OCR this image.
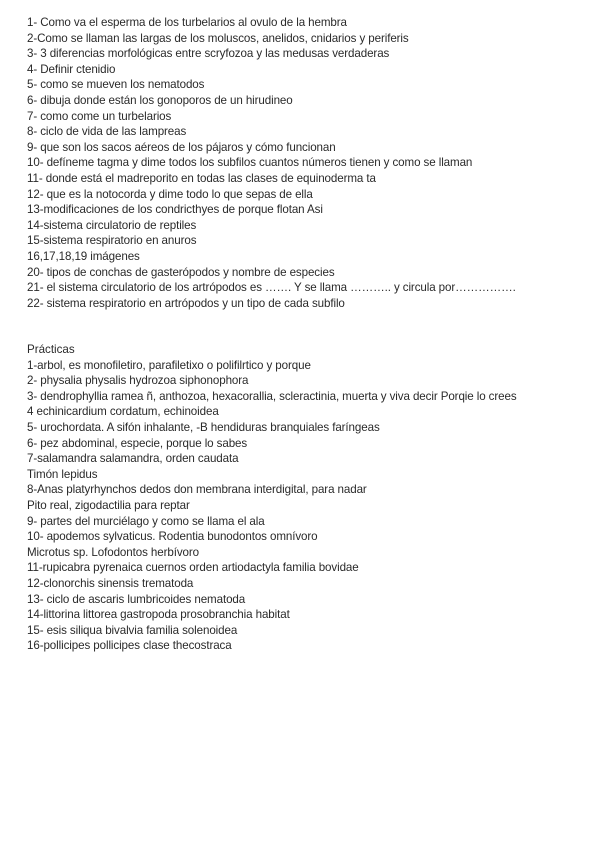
1- Como va el esperma de los turbelarios al ovulo de la hembra
2-Como se llaman las largas de los moluscos, anelidos, cnidarios y periferis
3- 3 diferencias morfológicas entre scryfozoa y las medusas verdaderas
4- Definir ctenidio
5- como se mueven los nematodos
6- dibuja donde están los gonoporos de un hirudineo
7- como come un turbelarios
8- ciclo de vida de las lampreas
9- que son los sacos aéreos de los pájaros y cómo funcionan
10- defíneme tagma y dime todos los subfilos cuantos números tienen y como se llaman
11- donde está el madreporito en todas las clases de equinoderma ta
12- que es la notocorda y dime todo lo que sepas de ella
13-modificaciones de los condricthyes de porque flotan Asi
14-sistema circulatorio de reptiles
15-sistema respiratorio en anuros
16,17,18,19 imágenes
20- tipos de conchas de gasterópodos y nombre de especies
21- el sistema circulatorio de los artrópodos es ……. Y se llama ……….. y circula por…………….
22- sistema respiratorio en artrópodos y un tipo de cada subfilo
Prácticas
1-arbol, es monofiletiro, parafiletixo o polifilrtico y porque
2- physalia physalis hydrozoa siphonophora
3- dendrophyllia ramea ñ, anthozoa, hexacorallia, scleractinia, muerta y viva decir Porqie lo crees
4 echinicardium cordatum, echinoidea
5- urochordata. A sifón inhalante, -B hendiduras branquiales faríngeas
6- pez abdominal, especie, porque lo sabes
7-salamandra salamandra, orden caudata
Timón lepidus
8-Anas platyrhynchos dedos don membrana interdigital, para nadar
Pito real, zigodactilia para reptar
9- partes del murciélago y como se llama el ala
10- apodemos sylvaticus. Rodentia bunodontos omnívoro
Microtus sp. Lofodontos herbívoro
11-rupicabra pyrenaica cuernos orden artiodactyla familia bovidae
12-clonorchis sinensis trematoda
13- ciclo de ascaris lumbricoides nematoda
14-littorina littorea gastropoda prosobranchia habitat
15- esis siliqua bivalvia familia solenoidea
16-pollicipes pollicipes clase thecostraca
